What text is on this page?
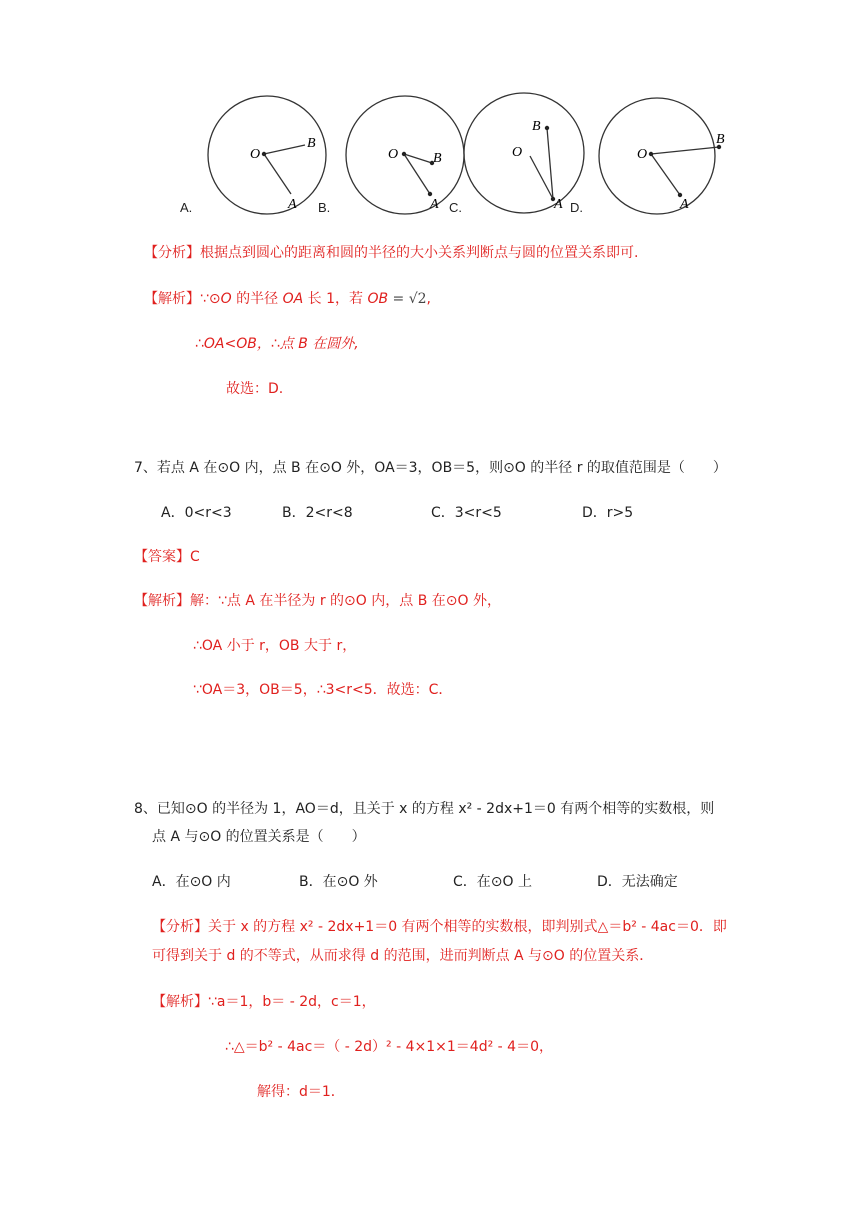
O
B
A
O B
A
O
B
A
O
B
A
A.	B.	C.	D.
【分析】根据点到圆心的距离和圆的半径的大小关系判断点与圆的位置关系即可.
【解析】∵⊙O 的半径 OA 长 1，若 OB = √2,
∴OA<OB，∴点 B 在圆外,
故选：D.
7、若点 A 在⊙O 内，点 B 在⊙O 外，OA＝3，OB＝5，则⊙O 的半径 r 的取值范围是（　　）
A．0<r<3	B．2<r<8	C．3<r<5	D．r>5
【答案】C
【解析】解：∵点 A 在半径为 r 的⊙O 内，点 B 在⊙O 外，
∴OA 小于 r，OB 大于 r，
∵OA＝3，OB＝5，∴3<r<5．故选：C．
8、已知⊙O 的半径为 1，AO＝d，且关于 x 的方程 x² - 2dx+1＝0 有两个相等的实数根，则
点 A 与⊙O 的位置关系是（　　）
A．在⊙O 内	B．在⊙O 外	C．在⊙O 上	D．无法确定
【分析】关于 x 的方程 x² - 2dx+1＝0 有两个相等的实数根，即判别式△＝b² - 4ac＝0．即
可得到关于 d 的不等式，从而求得 d 的范围，进而判断点 A 与⊙O 的位置关系．
【解析】∵a＝1，b＝ - 2d，c＝1，
∴△＝b² - 4ac＝（ - 2d）² - 4×1×1＝4d² - 4＝0，
解得：d＝1．
